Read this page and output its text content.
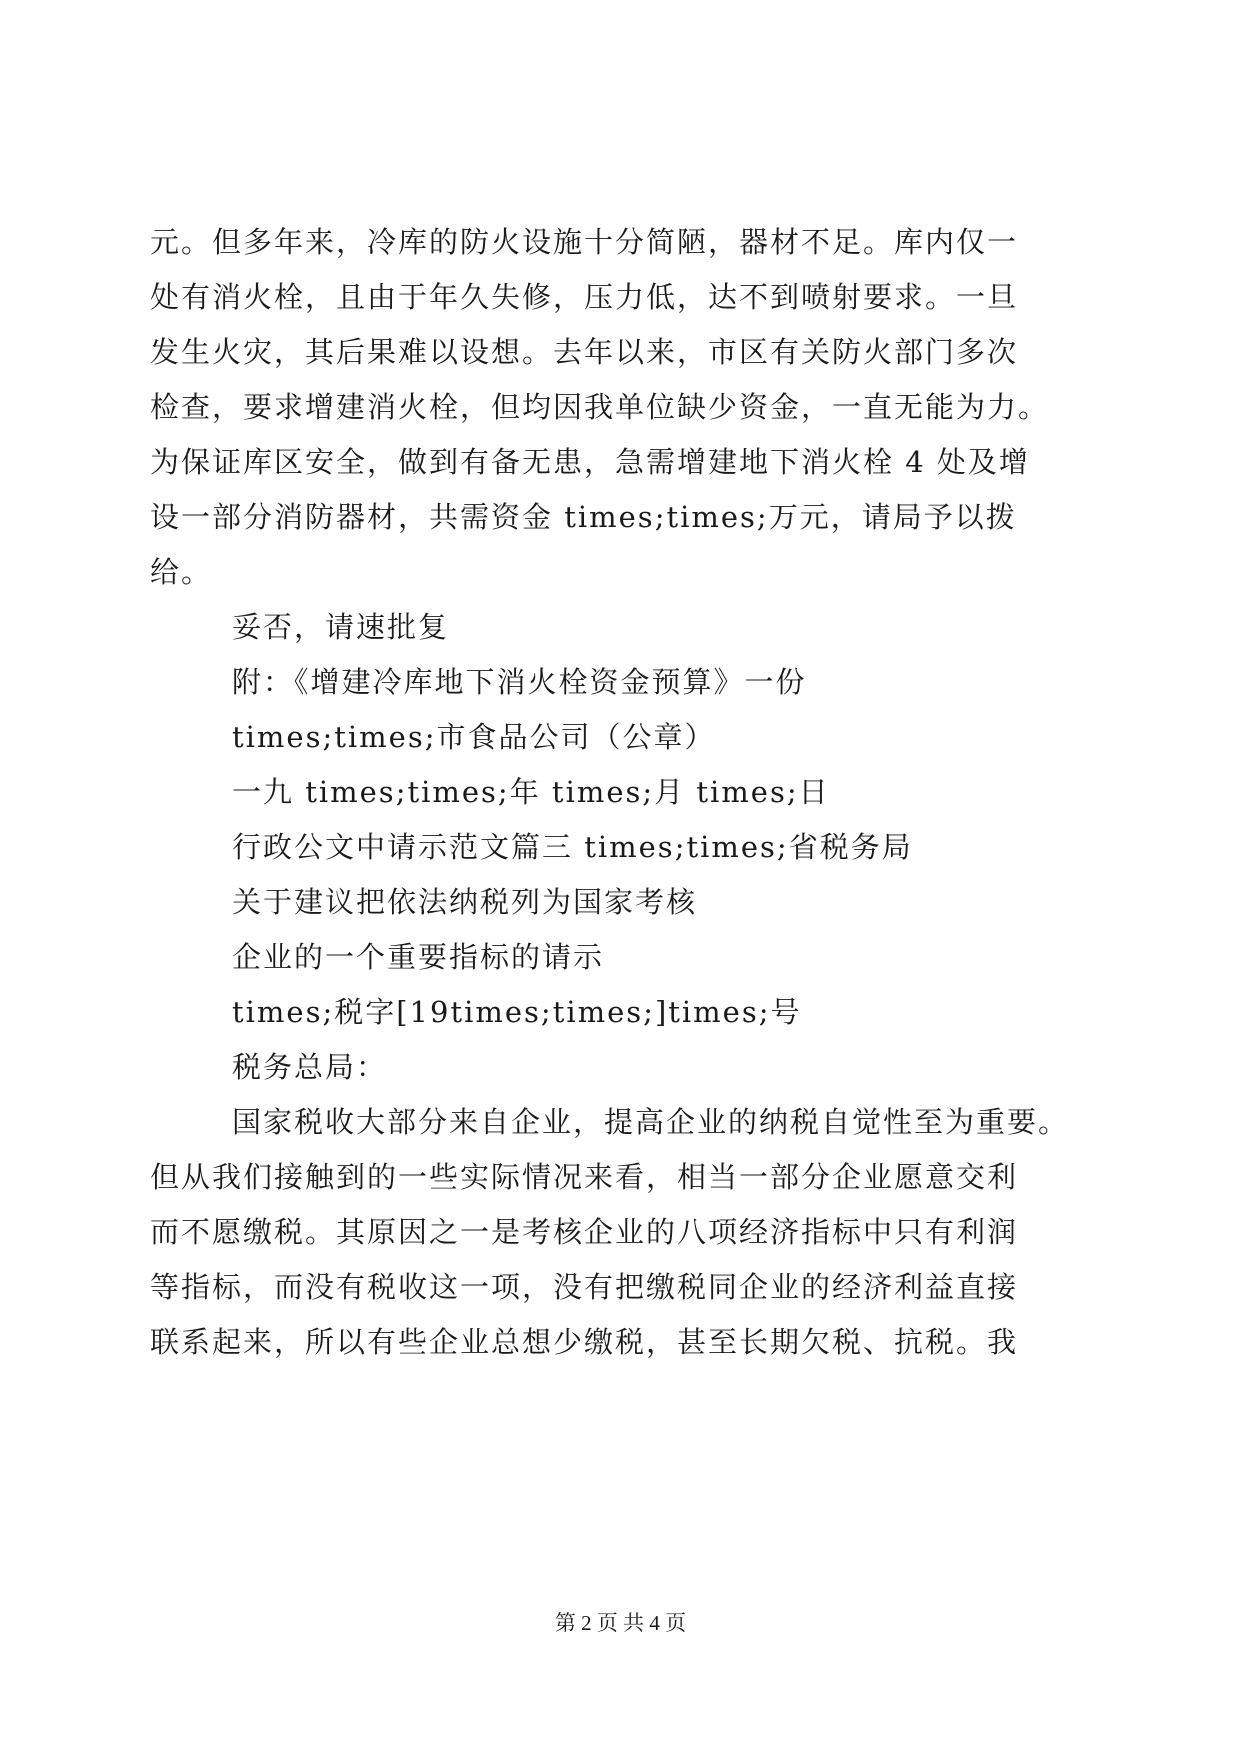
元。但多年来，冷库的防火设施十分简陋，器材不足。库内仅一
处有消火栓，且由于年久失修，压力低，达不到喷射要求。一旦
发生火灾，其后果难以设想。去年以来，市区有关防火部门多次
检查，要求增建消火栓，但均因我单位缺少资金，一直无能为力。
为保证库区安全，做到有备无患，急需增建地下消火栓 4 处及增
设一部分消防器材，共需资金 times;times;万元，请局予以拨
给。
妥否，请速批复
附：《增建冷库地下消火栓资金预算》一份
times;times;市食品公司（公章）
一九 times;times;年 times;月 times;日
行政公文中请示范文篇三 times;times;省税务局
关于建议把依法纳税列为国家考核
企业的一个重要指标的请示
times;税字[19times;times;]times;号
税务总局：
国家税收大部分来自企业，提高企业的纳税自觉性至为重要。
但从我们接触到的一些实际情况来看，相当一部分企业愿意交利
而不愿缴税。其原因之一是考核企业的八项经济指标中只有利润
等指标，而没有税收这一项，没有把缴税同企业的经济利益直接
联系起来，所以有些企业总想少缴税，甚至长期欠税、抗税。我
第 2 页 共 4 页
